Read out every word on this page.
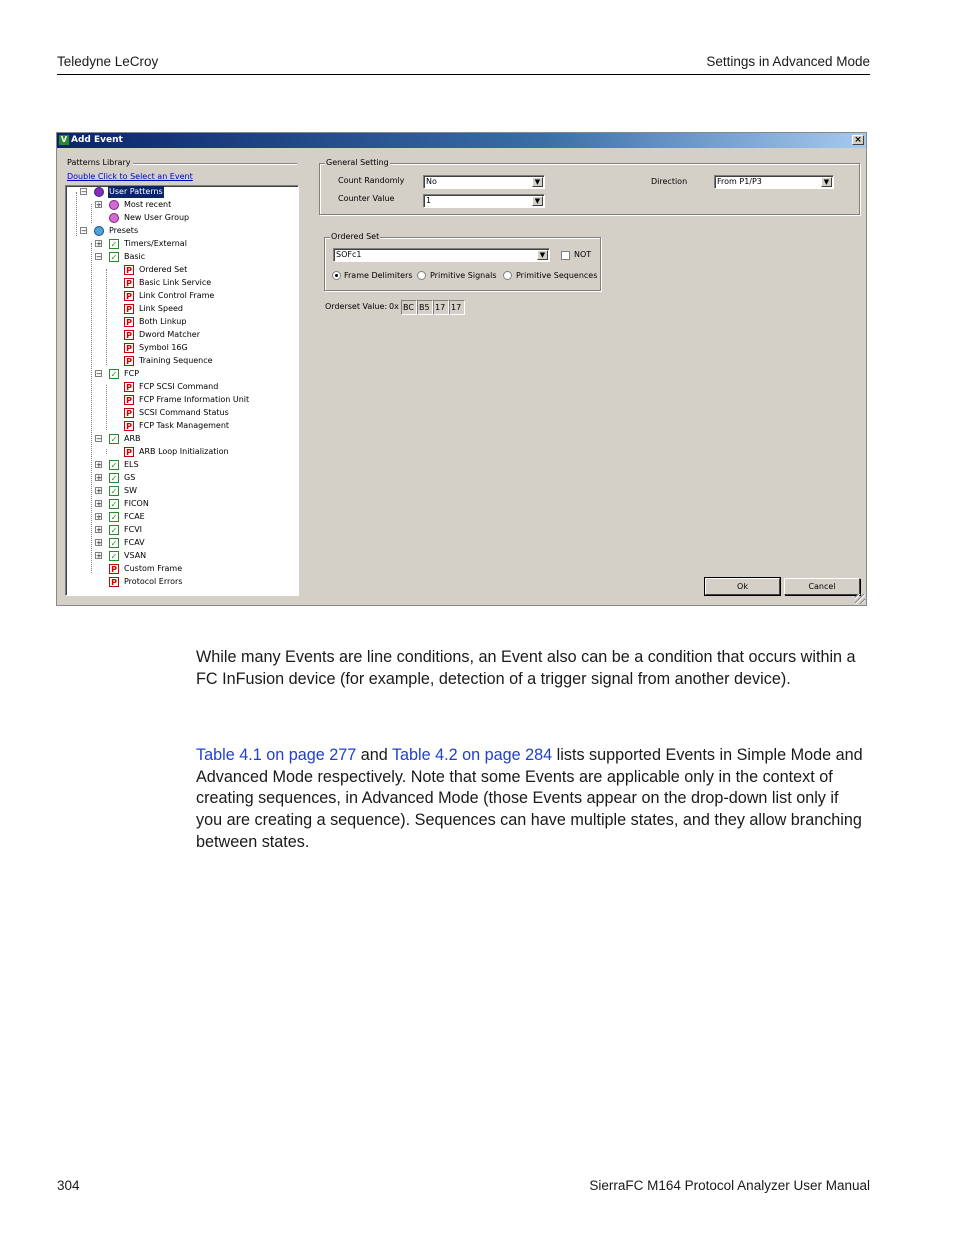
Teledyne LeCroy	Settings in Advanced Mode
V Add Event	×
Patterns Library
Double Click to Select an Event
−	User Patterns
+	Most recent
New User Group
−	Presets
+ ✓ Timers/External
− ✓ Basic
P Ordered Set
P Basic Link Service
P Link Control Frame
P Link Speed
P Both Linkup
P Dword Matcher
P Symbol 16G
P Training Sequence
− ✓ FCP
P FCP SCSI Command
P FCP Frame Information Unit
P SCSI Command Status
P FCP Task Management
− ✓ ARB
P ARB Loop Initialization
+ ✓ ELS
+ ✓ GS
+ ✓ SW
+ ✓ FICON
+ ✓ FCAE
+ ✓ FCVI
+ ✓ FCAV
+ ✓ VSAN
P Custom Frame
P Protocol Errors
General Setting
Count Randomly	No	▼
Counter Value	1	▼
Direction	From P1/P3	▼
Ordered Set
SOFc1	▼	NOT
Frame Delimiters Primitive Signals Primitive Sequences
Orderset Value: 0x BC B5 17 17
Ok	Cancel
While many Events are line conditions, an Event also can be a condition that occurs within a FC InFusion device (for example, detection of a trigger signal from another device).
Table 4.1 on page 277 and Table 4.2 on page 284 lists supported Events in Simple Mode and Advanced Mode respectively. Note that some Events are applicable only in the context of creating sequences, in Advanced Mode (those Events appear on the drop-down list only if you are creating a sequence). Sequences can have multiple states, and they allow branching between states.
304	SierraFC M164 Protocol Analyzer User Manual
